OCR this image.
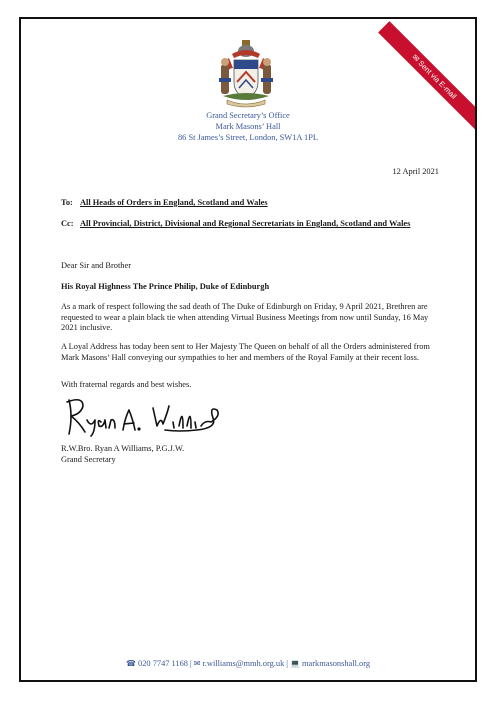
✉Sent via E-mail
Grand Secretary’s Office
Mark Masons’ Hall
86 St James’s Street, London, SW1A 1PL
12 April 2021
To: All Heads of Orders in England, Scotland and Wales
Cc: All Provincial, District, Divisional and Regional Secretariats in England, Scotland and Wales
Dear Sir and Brother
His Royal Highness The Prince Philip, Duke of Edinburgh
As a mark of respect following the sad death of The Duke of Edinburgh on Friday, 9 April 2021, Brethren are requested to wear a plain black tie when attending Virtual Business Meetings from now until Sunday, 16 May 2021 inclusive.
A Loyal Address has today been sent to Her Majesty The Queen on behalf of all the Orders administered from Mark Masons’ Hall conveying our sympathies to her and members of the Royal Family at their recent loss.
With fraternal regards and best wishes.
R.W.Bro. Ryan A Williams, P.G.J.W.
Grand Secretary
☎ 020 7747 1168 | ✉ r.williams@mmh.org.uk | 💻 markmasonshall.org
